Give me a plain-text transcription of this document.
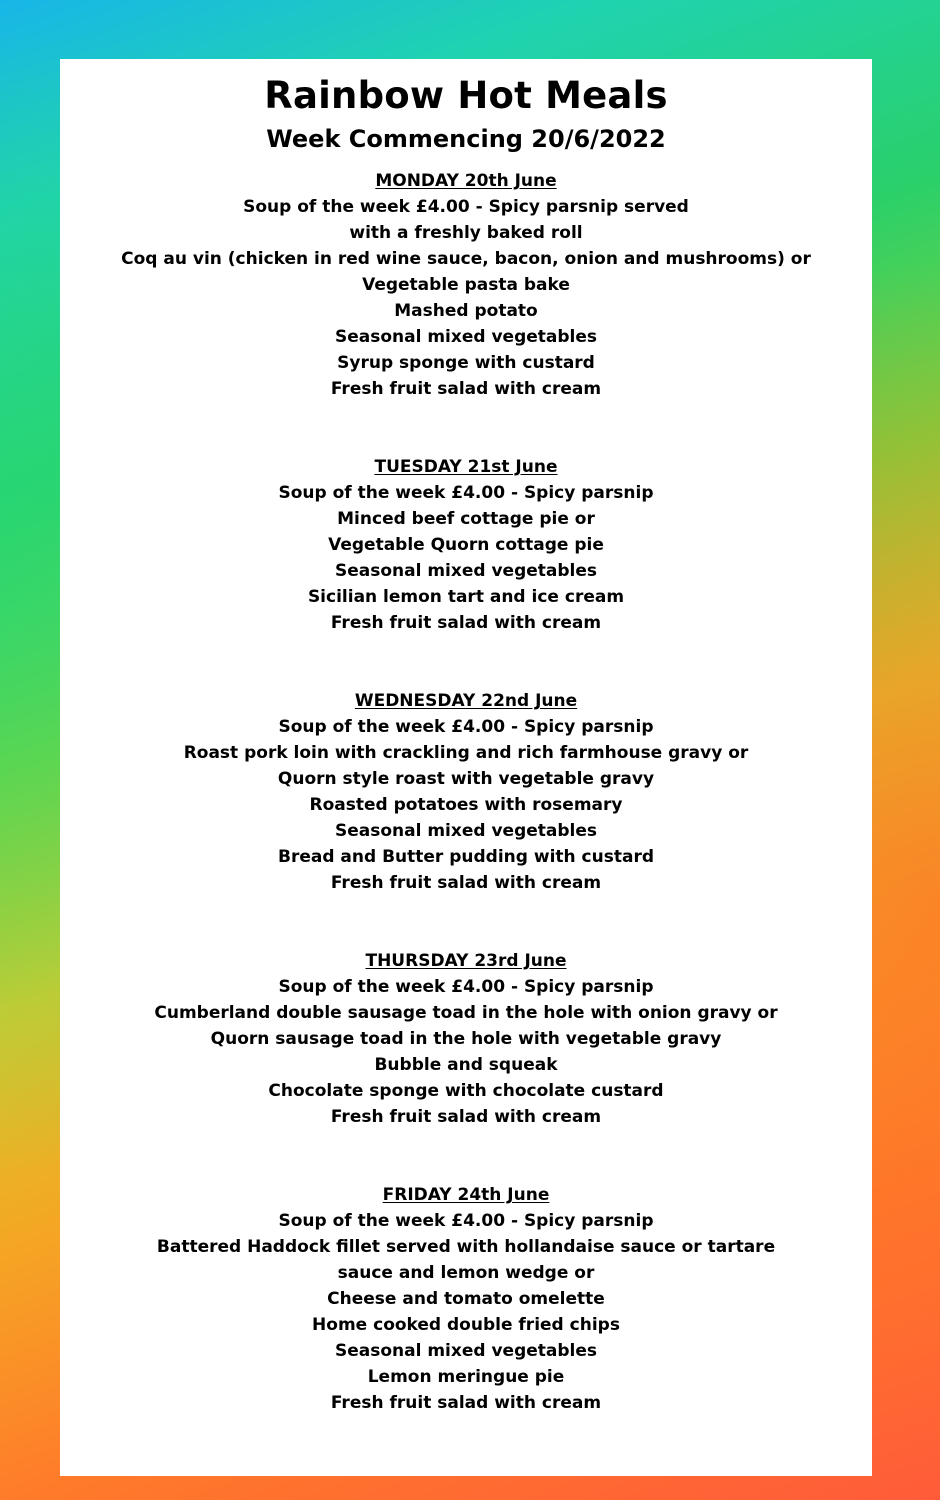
Rainbow Hot Meals
Week Commencing 20/6/2022

MONDAY 20th June

Soup of the week £4.00 - Spicy parsnip served

with a freshly baked roll

Coq au vin (chicken in red wine sauce, bacon, onion and mushrooms) or

Vegetable pasta bake

Mashed potato

Seasonal mixed vegetables

Syrup sponge with custard

Fresh fruit salad with cream

TUESDAY 21st June

Soup of the week £4.00 - Spicy parsnip

Minced beef cottage pie or

Vegetable Quorn cottage pie

Seasonal mixed vegetables

Sicilian lemon tart and ice cream

Fresh fruit salad with cream

WEDNESDAY 22nd June

Soup of the week £4.00 - Spicy parsnip

Roast pork loin with crackling and rich farmhouse gravy or

Quorn style roast with vegetable gravy

Roasted potatoes with rosemary

Seasonal mixed vegetables

Bread and Butter pudding with custard

Fresh fruit salad with cream

THURSDAY 23rd June

Soup of the week £4.00 - Spicy parsnip

Cumberland double sausage toad in the hole with onion gravy or

Quorn sausage toad in the hole with vegetable gravy

Bubble and squeak

Chocolate sponge with chocolate custard

Fresh fruit salad with cream

FRIDAY 24th June

Soup of the week £4.00 - Spicy parsnip

Battered Haddock fillet served with hollandaise sauce or tartare

sauce and lemon wedge or

Cheese and tomato omelette

Home cooked double fried chips

Seasonal mixed vegetables

Lemon meringue pie

Fresh fruit salad with cream
